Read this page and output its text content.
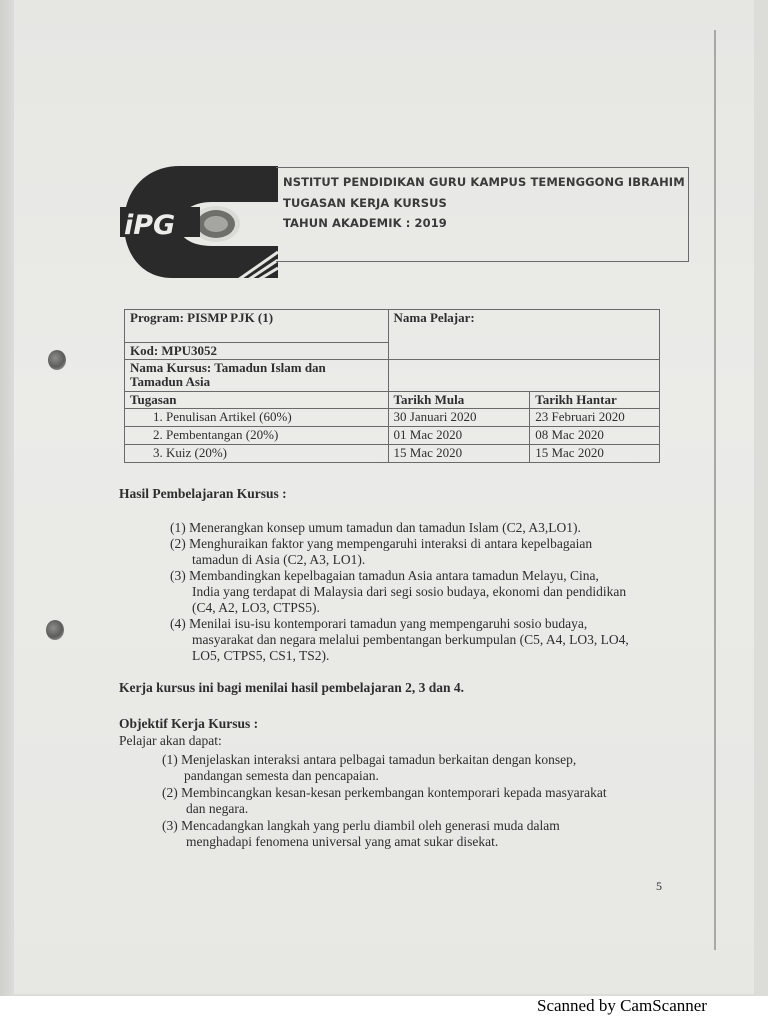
iPG
NSTITUT PENDIDIKAN GURU KAMPUS TEMENGGONG IBRAHIM
TUGASAN KERJA KURSUS
TAHUN AKADEMIK : 2019
Program: PISMP PJK (1)	Nama Pelajar:	
Kod: MPU3052		

Nama Kursus: Tamadun Islam dan
Tamadun Asia		

Tugasan	Tarikh Mula	Tarikh Hantar
1. Penulisan Artikel (60%)	30 Januari 2020	23 Februari 2020
2. Pembentangan (20%)	01 Mac 2020	08 Mac 2020
3. Kuiz (20%)	15 Mac 2020	15 Mac 2020
Hasil Pembelajaran Kursus :
(1) Menerangkan konsep umum tamadun dan tamadun Islam (C2, A3,LO1).
(2) Menghuraikan faktor yang mempengaruhi interaksi di antara kepelbagaian
tamadun di Asia (C2, A3, LO1).
(3) Membandingkan kepelbagaian tamadun Asia antara tamadun Melayu, Cina,
India yang terdapat di Malaysia dari segi sosio budaya, ekonomi dan pendidikan
(C4, A2, LO3, CTPS5).
(4) Menilai isu-isu kontemporari tamadun yang mempengaruhi sosio budaya,
masyarakat dan negara melalui pembentangan berkumpulan (C5, A4, LO3, LO4,
LO5, CTPS5, CS1, TS2).
Kerja kursus ini bagi menilai hasil pembelajaran 2, 3 dan 4.
Objektif Kerja Kursus :
Pelajar akan dapat:
(1) Menjelaskan interaksi antara pelbagai tamadun berkaitan dengan konsep,
pandangan semesta dan pencapaian.
(2) Membincangkan kesan-kesan perkembangan kontemporari kepada masyarakat
dan negara.
(3) Mencadangkan langkah yang perlu diambil oleh generasi muda dalam
menghadapi fenomena universal yang amat sukar disekat.
5
Scanned by CamScanner
